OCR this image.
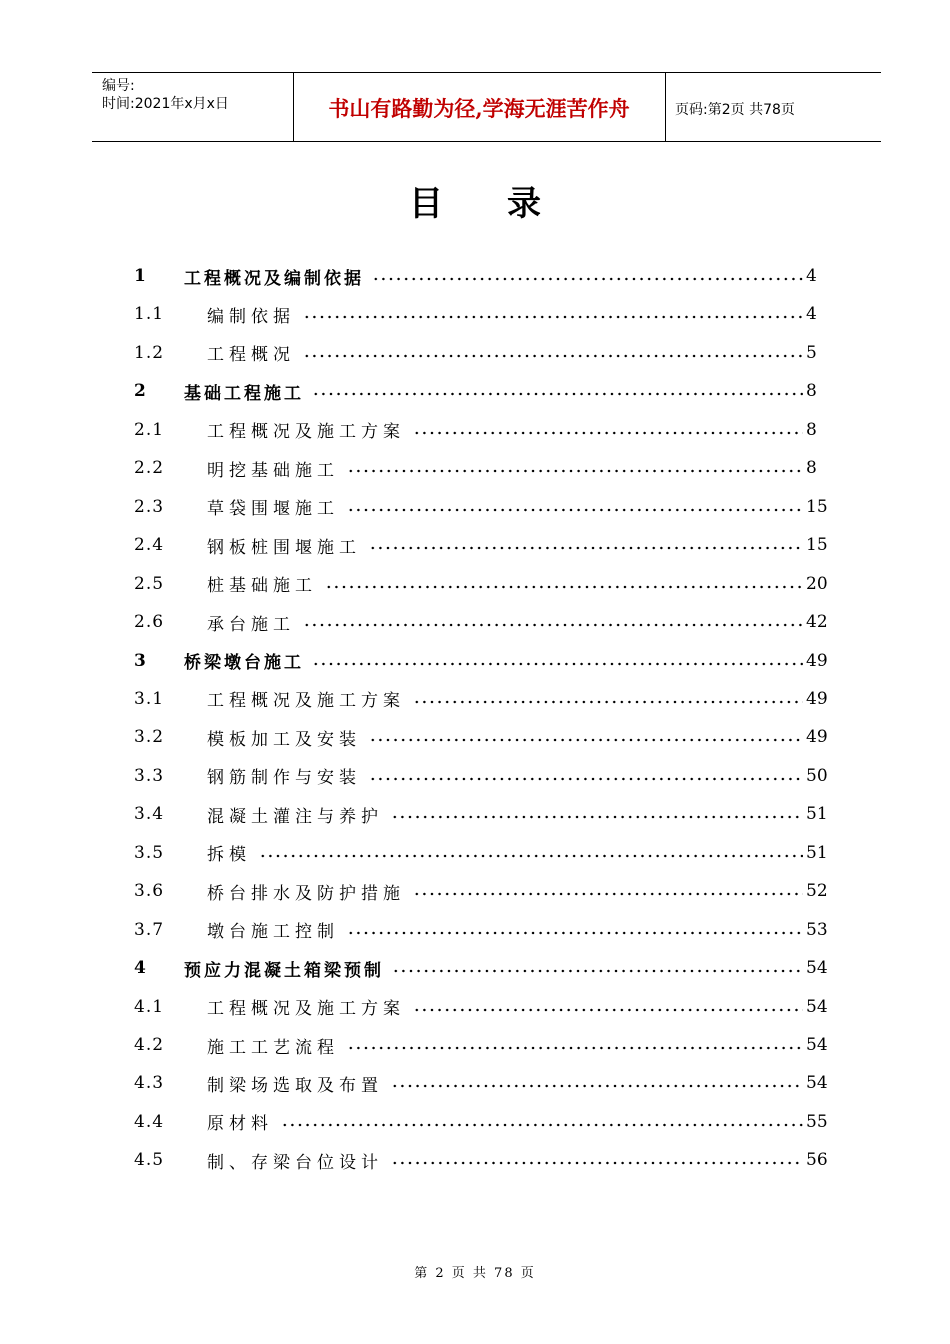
编号:
时间:2021年x月x日	书山有路勤为径,学海无涯苦作舟	页码:第2页 共78页
目录
1	工程概况及编制依据	4
1.1	编制依据	4
1.2	工程概况	5
2	基础工程施工	8
2.1	工程概况及施工方案	8
2.2	明挖基础施工	8
2.3	草袋围堰施工	15
2.4	钢板桩围堰施工	15
2.5	桩基础施工	20
2.6	承台施工	42
3	桥梁墩台施工	49
3.1	工程概况及施工方案	49
3.2	模板加工及安装	49
3.3	钢筋制作与安装	50
3.4	混凝土灌注与养护	51
3.5	拆模	51
3.6	桥台排水及防护措施	52
3.7	墩台施工控制	53
4	预应力混凝土箱梁预制	54
4.1	工程概况及施工方案	54
4.2	施工工艺流程	54
4.3	制梁场选取及布置	54
4.4	原材料	55
4.5	制、存梁台位设计	56
第 2 页 共 78 页
